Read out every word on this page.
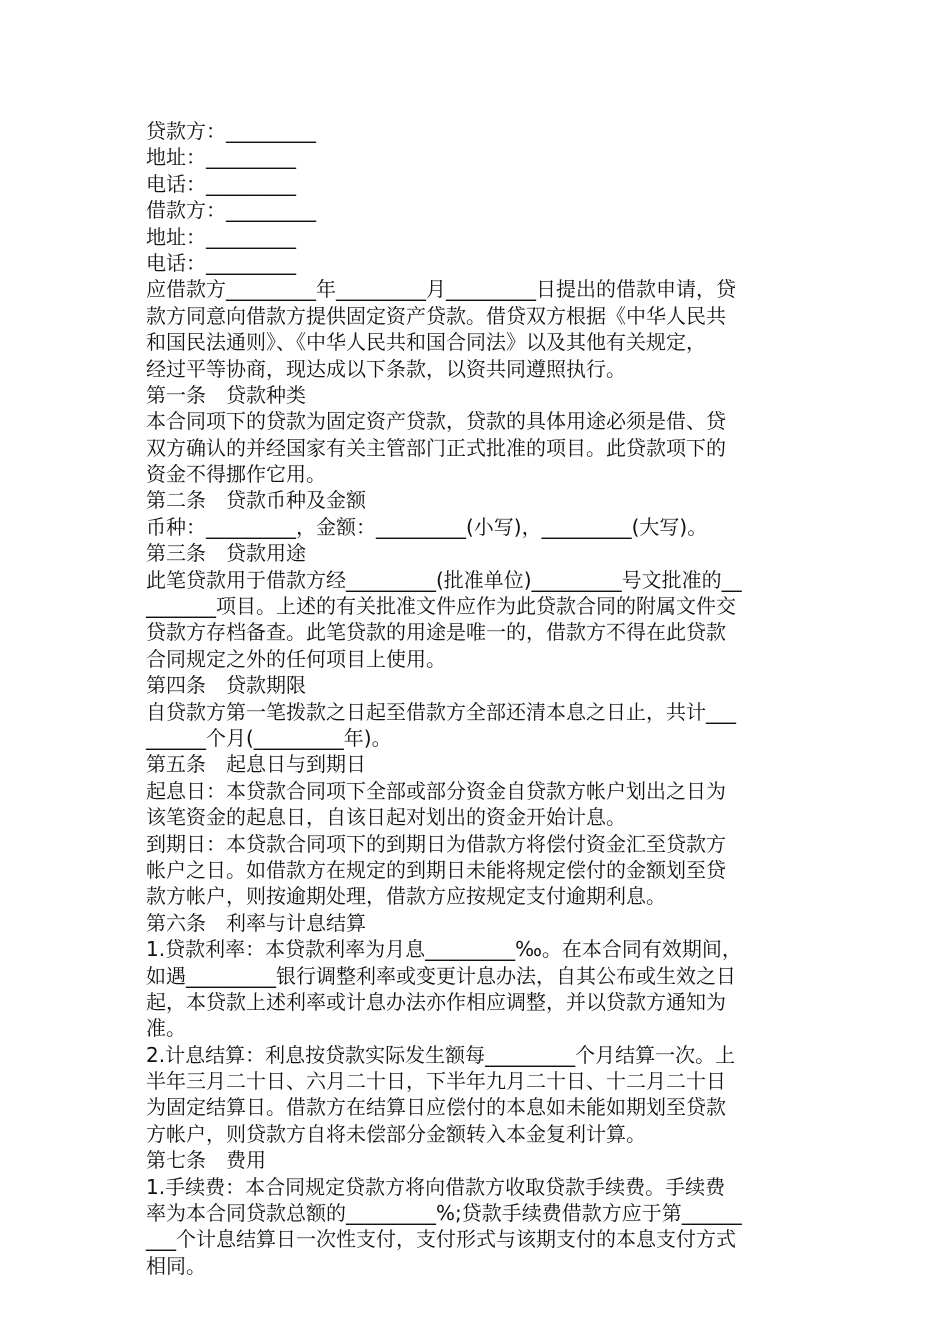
贷款方：_________
地址：_________
电话：_________
借款方：_________
地址：_________
电话：_________
应借款方_________年_________月_________日提出的借款申请，贷
款方同意向借款方提供固定资产贷款。借贷双方根据《中华人民共
和国民法通则》、《中华人民共和国合同法》以及其他有关规定，
经过平等协商，现达成以下条款，以资共同遵照执行。
第一条　贷款种类
本合同项下的贷款为固定资产贷款，贷款的具体用途必须是借、贷
双方确认的并经国家有关主管部门正式批准的项目。此贷款项下的
资金不得挪作它用。
第二条　贷款币种及金额
币种：_________，金额：_________(小写)，_________(大写)。
第三条　贷款用途
此笔贷款用于借款方经_________(批准单位)_________号文批准的__
_______项目。上述的有关批准文件应作为此贷款合同的附属文件交
贷款方存档备查。此笔贷款的用途是唯一的，借款方不得在此贷款
合同规定之外的任何项目上使用。
第四条　贷款期限
自贷款方第一笔拨款之日起至借款方全部还清本息之日止，共计___
______个月(_________年)。
第五条　起息日与到期日
起息日：本贷款合同项下全部或部分资金自贷款方帐户划出之日为
该笔资金的起息日，自该日起对划出的资金开始计息。
到期日：本贷款合同项下的到期日为借款方将偿付资金汇至贷款方
帐户之日。如借款方在规定的到期日未能将规定偿付的金额划至贷
款方帐户，则按逾期处理，借款方应按规定支付逾期利息。
第六条　利率与计息结算
1.贷款利率：本贷款利率为月息_________‰。在本合同有效期间，
如遇_________银行调整利率或变更计息办法，自其公布或生效之日
起，本贷款上述利率或计息办法亦作相应调整，并以贷款方通知为
准。
2.计息结算：利息按贷款实际发生额每_________个月结算一次。上
半年三月二十日、六月二十日，下半年九月二十日、十二月二十日
为固定结算日。借款方在结算日应偿付的本息如未能如期划至贷款
方帐户，则贷款方自将未偿部分金额转入本金复利计算。
第七条　费用
1.手续费：本合同规定贷款方将向借款方收取贷款手续费。手续费
率为本合同贷款总额的_________%;贷款手续费借款方应于第______
___个计息结算日一次性支付，支付形式与该期支付的本息支付方式
相同。
